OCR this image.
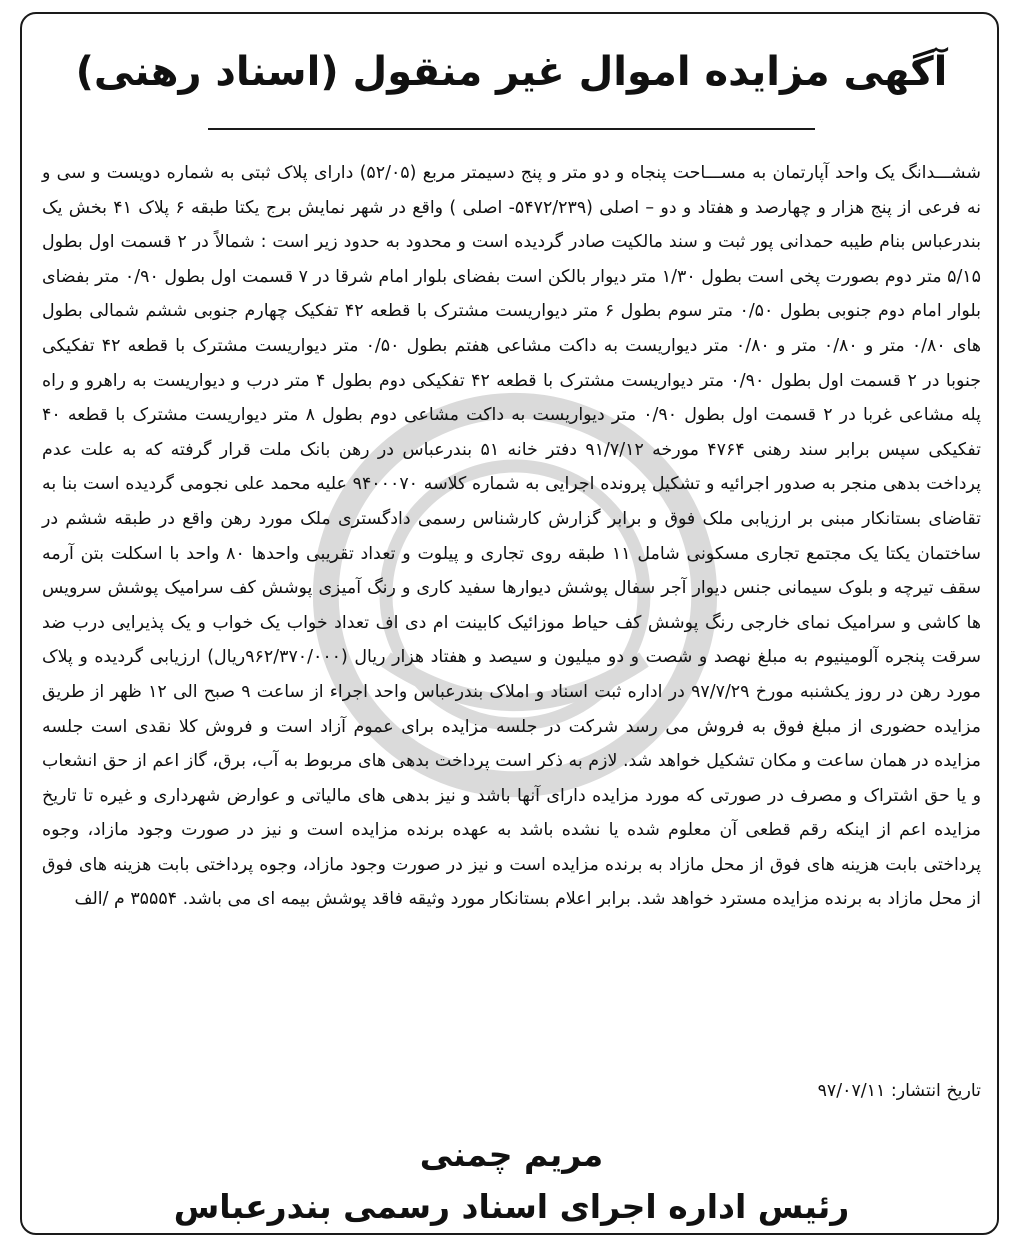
آگهی مزایده اموال غیر منقول (اسناد رهنی)

ششـــدانگ یک واحد آپارتمان به مســـاحت پنجاه و دو متر و پنج دسیمتر مربع (۵۲/۰۵) دارای پلاک ثبتی به شماره دویست و سی و نه فرعی از پنج هزار و چهارصد و هفتاد و دو – اصلی (۵۴۷۲/۲۳۹- اصلی ) واقع در شهر نمایش برج یکتا طبقه ۶ پلاک ۴۱ بخش یک بندرعباس بنام طیبه حمدانی پور ثبت و سند مالکیت صادر گردیده است و محدود به حدود زیر است : شمالاً در ۲ قسمت اول بطول ۵/۱۵ متر دوم بصورت پخی است بطول ۱/۳۰ متر دیوار بالکن است بفضای بلوار امام شرقا در ۷ قسمت اول بطول ۰/۹۰ متر بفضای بلوار امام دوم جنوبی بطول ۰/۵۰ متر سوم بطول ۶ متر دیواریست مشترک با قطعه ۴۲ تفکیک چهارم جنوبی ششم شمالی بطول های ۰/۸۰ متر و ۰/۸۰ متر و ۰/۸۰ متر دیواریست به داکت مشاعی هفتم بطول ۰/۵۰ متر دیواریست مشترک با قطعه ۴۲ تفکیکی جنوبا در ۲ قسمت اول بطول ۰/۹۰ متر دیواریست مشترک با قطعه ۴۲ تفکیکی دوم بطول ۴ متر درب و دیواریست به راهرو و راه پله مشاعی غربا در ۲ قسمت اول بطول ۰/۹۰ متر دیواریست به داکت مشاعی دوم بطول ۸ متر دیواریست مشترک با قطعه ۴۰ تفکیکی سپس برابر سند رهنی ۴۷۶۴ مورخه ۹۱/۷/۱۲ دفتر خانه ۵۱ بندرعباس در رهن بانک ملت قرار گرفته که به علت عدم پرداخت بدهی منجر به صدور اجرائیه و تشکیل پرونده اجرایی به شماره کلاسه ۹۴۰۰۰۷۰ علیه محمد علی نجومی گردیده است بنا به تقاضای بستانکار مبنی بر ارزیابی ملک فوق و برابر گزارش کارشناس رسمی دادگستری ملک مورد رهن واقع در طبقه ششم در ساختمان یکتا یک مجتمع تجاری مسکونی شامل ۱۱ طبقه روی تجاری و پیلوت و تعداد تقریبی واحدها ۸۰ واحد با اسکلت بتن آرمه سقف تیرچه و بلوک سیمانی جنس دیوار آجر سفال پوشش دیوارها سفید کاری و رنگ آمیزی پوشش کف سرامیک پوشش سرویس ها کاشی و سرامیک نمای خارجی رنگ پوشش کف حیاط موزائیک کابینت ام دی اف تعداد خواب یک خواب و یک پذیرایی درب ضد سرقت پنجره آلومینیوم به مبلغ نهصد و شصت و دو میلیون و سیصد و هفتاد هزار ریال (۹۶۲/۳۷۰/۰۰۰ریال) ارزیابی گردیده و پلاک مورد رهن در روز یکشنبه مورخ ۹۷/۷/۲۹ در اداره ثبت اسناد و املاک بندرعباس واحد اجراء از ساعت ۹ صبح الی ۱۲ ظهر از طریق مزایده حضوری از مبلغ فوق به فروش می رسد شرکت در جلسه مزایده برای عموم آزاد است و فروش کلا نقدی است جلسه مزایده در همان ساعت و مکان تشکیل خواهد شد. لازم به ذکر است پرداخت بدهی های مربوط به آب، برق، گاز اعم از حق انشعاب و یا حق اشتراک و مصرف در صورتی که مورد مزایده دارای آنها باشد و نیز بدهی های مالیاتی و عوارض شهرداری و غیره تا تاریخ مزایده اعم از اینکه رقم قطعی آن معلوم شده یا نشده باشد به عهده برنده مزایده است و نیز در صورت وجود مازاد، وجوه پرداختی بابت هزینه های فوق از محل مازاد به برنده مزایده است و نیز در صورت وجود مازاد، وجوه پرداختی بابت هزینه های فوق از محل مازاد به برنده مزایده مسترد خواهد شد. برابر اعلام بستانکار مورد وثیقه فاقد پوشش بیمه ای می باشد. ۳۵۵۵۴ م /الف

تاریخ انتشار: ۹۷/۰۷/۱۱
مریم چمنی
رئیس اداره اجرای اسناد رسمی بندرعباس
